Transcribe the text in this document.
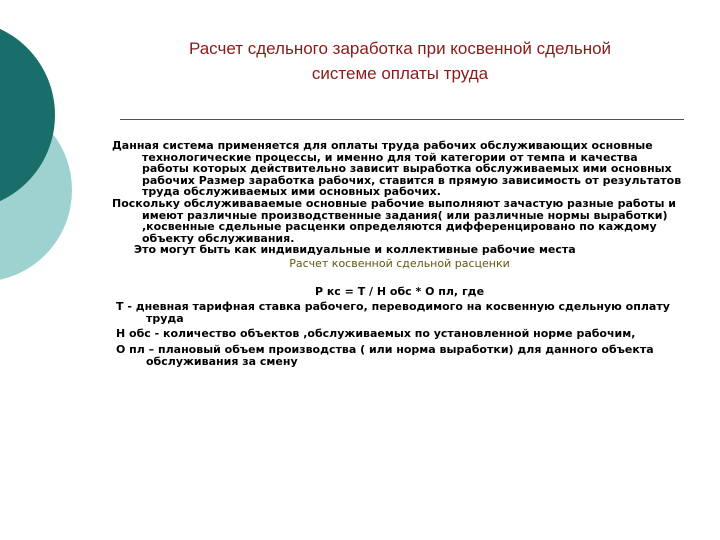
Расчет сдельного заработка при косвенной сдельной
системе оплаты труда

Данная система применяется для оплаты труда рабочих обслуживающих основные технологические процессы, и именно для той категории от темпа и качества работы которых действительно зависит выработка обслуживаемых ими основных рабочих Размер заработка рабочих, ставится в прямую зависимость от результатов труда обслуживаемых ими основных рабочих.

Поскольку обслуживаваемые основные рабочие выполняют зачастую разные работы и имеют различные производственные задания( или различные нормы выработки) ,косвенные сдельные расценки определяются дифференцировано по каждому объекту обслуживания.

Это могут быть как индивидуальные и коллективные рабочие места

Расчет косвенной сдельной расценки

Р кс = Т / Н обс * О пл, где

Т - дневная тарифная ставка рабочего, переводимого на косвенную сдельную оплату труда

Н обс - количество объектов ,обслуживаемых по установленной норме рабочим,

О пл – плановый объем производства ( или норма выработки) для данного объекта обслуживания за смену
